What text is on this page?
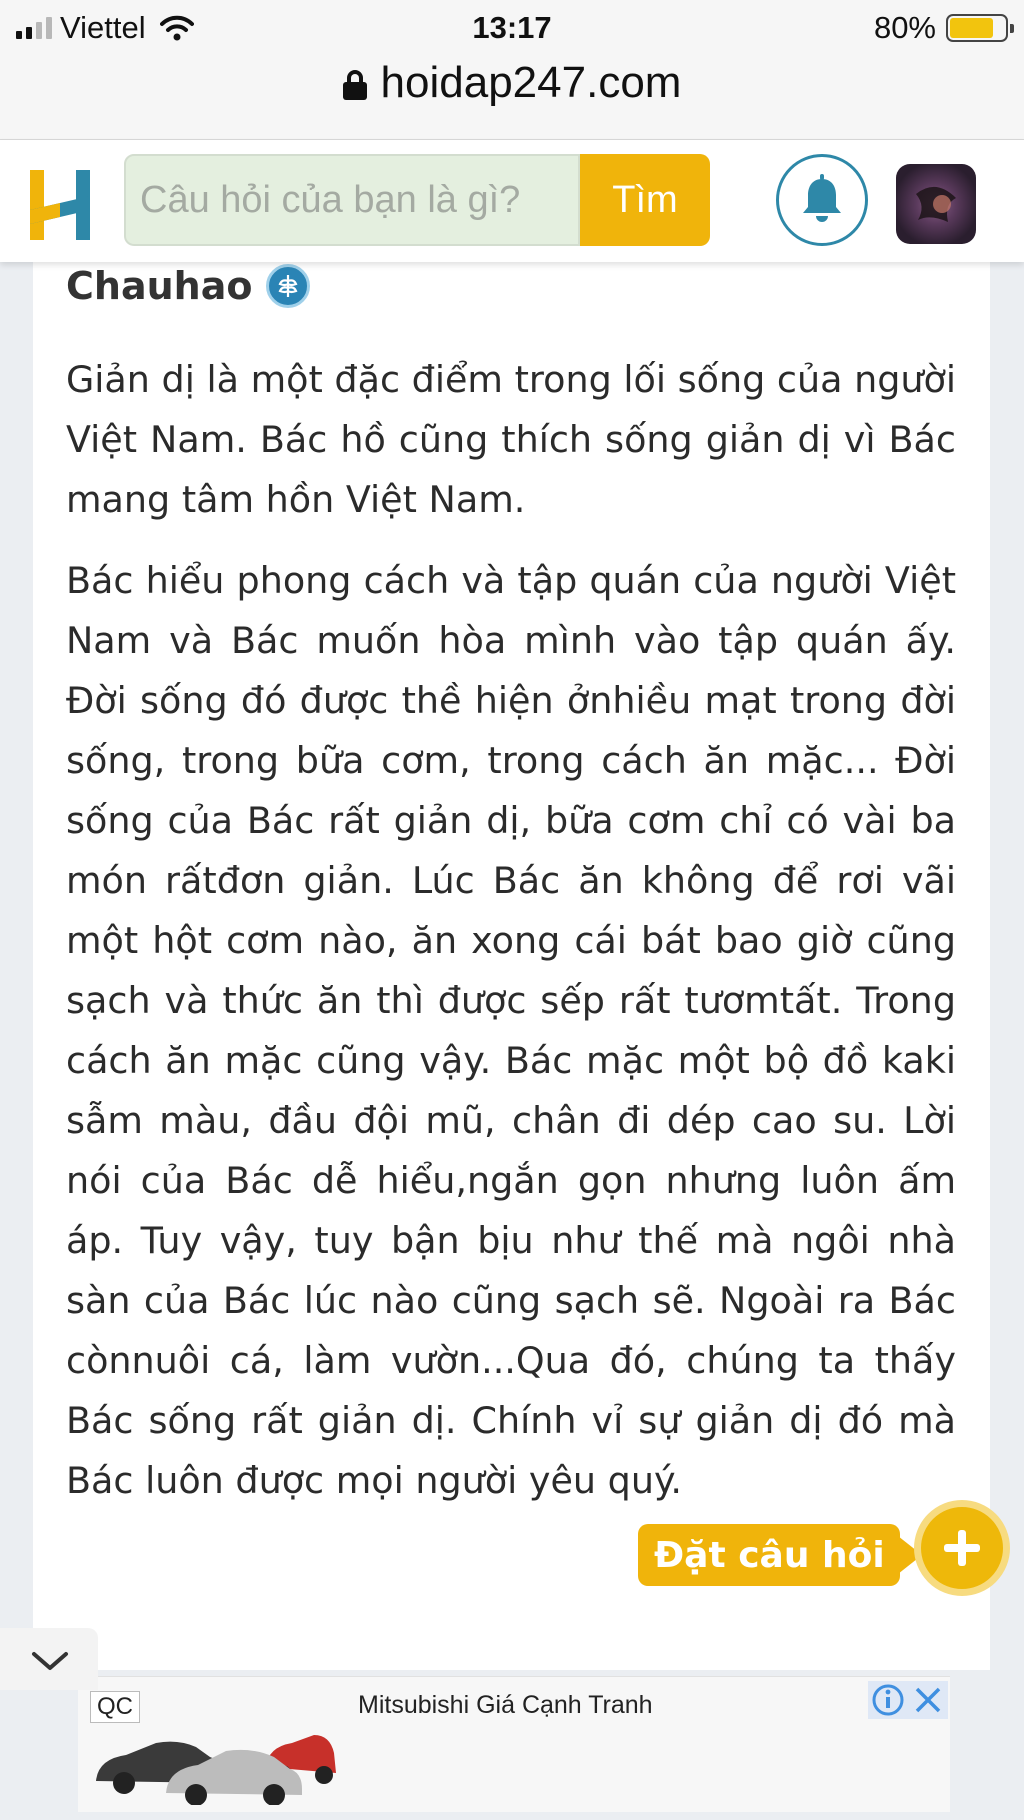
Viettel	13:17	80%
hoidap247.com
Câu hỏi của bạn là gì?
Tìm
Chauhao

Giản dị là một đặc điểm trong lối sống của người Việt Nam. Bác hồ cũng thích sống giản dị vì Bác mang tâm hồn Việt Nam.

Bác hiểu phong cách và tập quán của người Việt Nam và Bác muốn hòa mình vào tập quán ấy. Đời sống đó được thề hiện ởnhiều mạt trong đời sống, trong bữa cơm, trong cách ăn mặc... Đời sống của Bác rất giản dị, bữa cơm chỉ có vài ba món rấtđơn giản. Lúc Bác ăn không để rơi vãi một hột cơm nào, ăn xong cái bát bao giờ cũng sạch và thức ăn thì được sếp rất tươmtất. Trong cách ăn mặc cũng vậy. Bác mặc một bộ đồ kaki sẫm màu, đầu đội mũ, chân đi dép cao su. Lời nói của Bác dễ hiểu,ngắn gọn nhưng luôn ấm áp. Tuy vậy, tuy bận bịu như thế mà ngôi nhà sàn của Bác lúc nào cũng sạch sẽ. Ngoài ra Bác cònnuôi cá, làm vườn...Qua đó, chúng ta thấy Bác sống rất giản dị. Chính vỉ sự giản dị đó mà Bác luôn được mọi người yêu quý.

Đặt câu hỏi
QC	Mitsubishi Giá Cạnh Tranh
